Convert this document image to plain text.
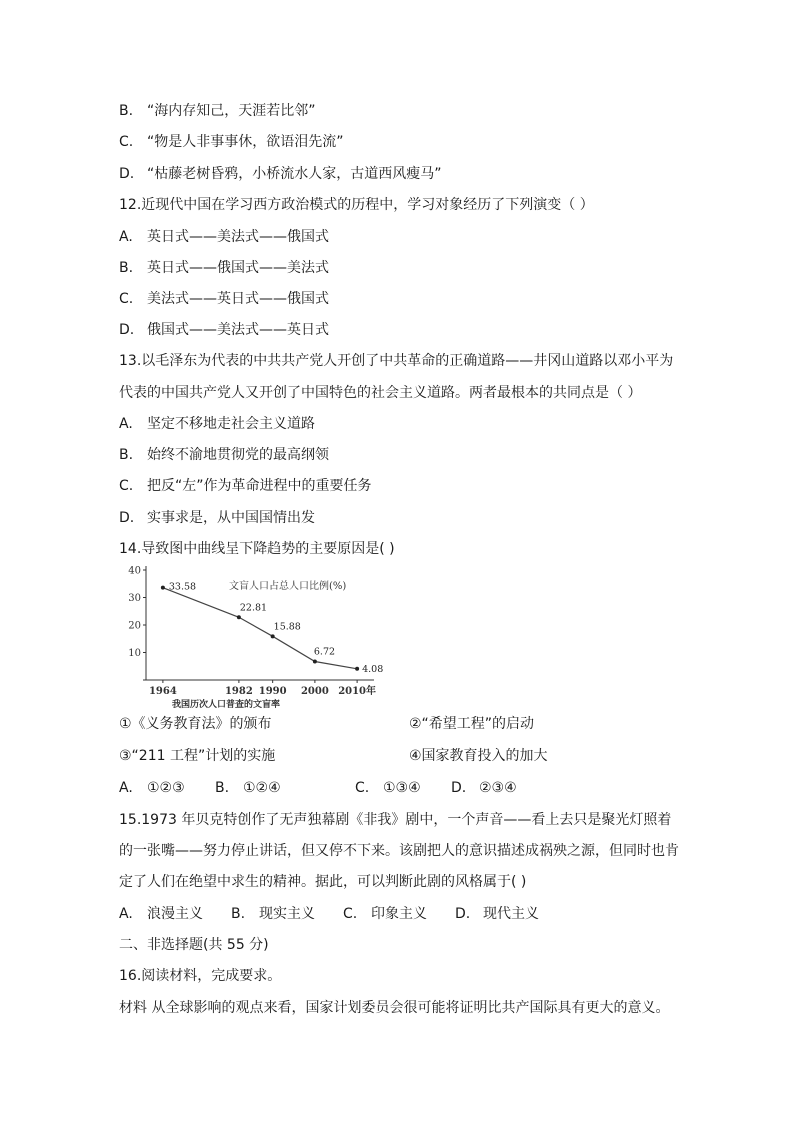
B. “海内存知己，天涯若比邻”
C. “物是人非事事休，欲语泪先流”
D. “枯藤老树昏鸦，小桥流水人家，古道西风瘦马”
12.近现代中国在学习西方政治模式的历程中，学习对象经历了下列演变（ ）
A. 英日式——美法式——俄国式
B. 英日式——俄国式——美法式
C. 美法式——英日式——俄国式
D. 俄国式——美法式——英日式
13.以毛泽东为代表的中共共产党人开创了中共革命的正确道路——井冈山道路以邓小平为
代表的中国共产党人又开创了中国特色的社会主义道路。两者最根本的共同点是（ ）
A. 坚定不移地走社会主义道路
B. 始终不渝地贯彻党的最高纲领
C. 把反“左”作为革命进程中的重要任务
D. 实事求是，从中国国情出发
14.导致图中曲线呈下降趋势的主要原因是( )
10
20
30
40
1964	1982 1990 2000 2010年
33.58
22.81
15.88
6.72
4.08
文盲人口占总人口比例(%)
我国历次人口普查的文盲率
①《义务教育法》的颁布	②“希望工程”的启动
③“211 工程”计划的实施	④国家教育投入的加大
A. ①②③ B. ①②④	C. ①③④ D. ②③④
15.1973 年贝克特创作了无声独幕剧《非我》剧中，一个声音——看上去只是聚光灯照着
的一张嘴——努力停止讲话，但又停不下来。该剧把人的意识描述成祸殃之源，但同时也肯
定了人们在绝望中求生的精神。据此，可以判断此剧的风格属于( )
A. 浪漫主义 B. 现实主义 C. 印象主义 D. 现代主义
二、非选择题(共 55 分)
16.阅读材料，完成要求。
材料 从全球影响的观点来看，国家计划委员会很可能将证明比共产国际具有更大的意义。
